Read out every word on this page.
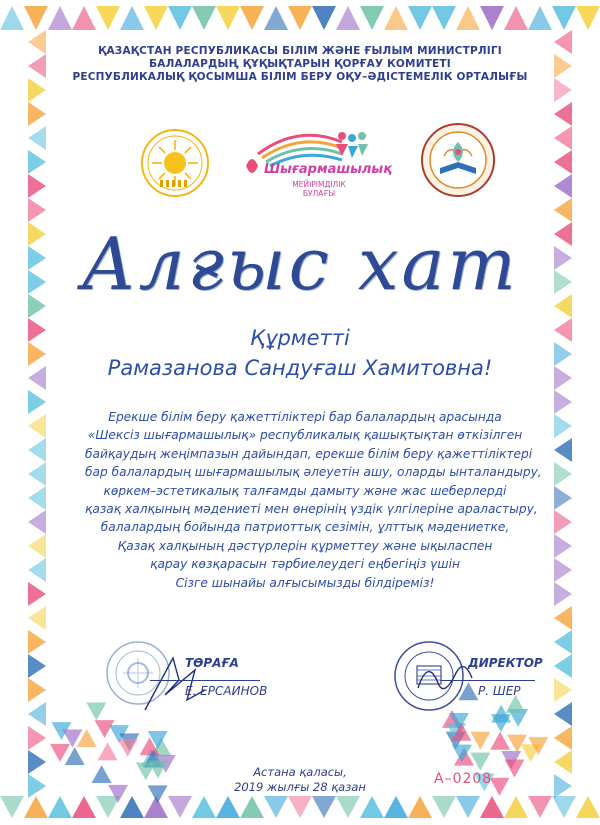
ҚАЗАҚСТАН РЕСПУБЛИКАСЫ БІЛІМ ЖӘНЕ ҒЫЛЫМ МИНИСТРЛІГІ
БАЛАЛАРДЫҢ ҚҰҚЫҚТАРЫН ҚОРҒАУ КОМИТЕТІ
РЕСПУБЛИКАЛЫҚ ҚОСЫМША БІЛІМ БЕРУ ОҚУ–ӘДІСТЕМЕЛІК ОРТАЛЫҒЫ
Шығармашылық
МЕЙІРІМДІЛІК
БУЛАҒЫ
Алғыс хат
Құрметті
Рамазанова Сандуғаш Хамитовна!
Ерекше білім беру қажеттіліктері бар балалардың арасында
«Шексіз шығармашылық» республикалық қашықтықтан өткізілген
байқаудың жеңімпазын дайындап, ерекше білім беру қажеттіліктері
бар балалардың шығармашылық әлеуетін ашу, оларды ынталандыру,
көркем–эстетикалық талғамды дамыту және жас шеберлерді
қазақ халқының мәдениеті мен өнерінің үздік үлгілеріне араластыру,
балалардың бойында патриоттық сезімін, ұлттық мәдениетке,
Қазақ халқының дәстүрлерін құрметтеу және ықыласпен
қарау көзқарасын тәрбиелеудегі еңбегіңіз үшін
Сізге шынайы алғысымызды білдіреміз!
ТӨРАҒА
Е. ЕРСАИНОВ
ДИРЕКТОР
Р. ШЕР
Астана қаласы,
2019 жылғы 28 қазан	А–0208
